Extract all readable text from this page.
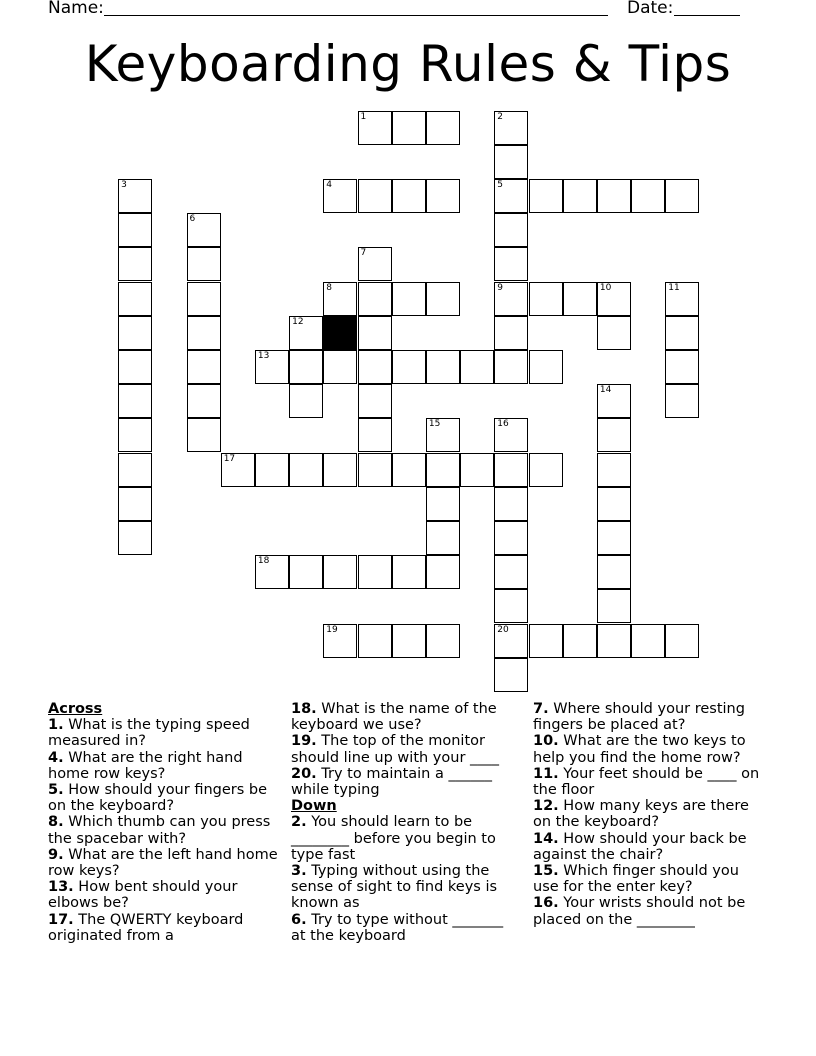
Name:	Date:
Keyboarding Rules & Tips
1	2
3	4	5
6
7
8	9	10	11
12
13
14
15	16
17
18
19	20
Across
1. What is the typing speed measured in?
4. What are the right hand home row keys?
5. How should your fingers be on the keyboard?
8. Which thumb can you press the spacebar with?
9. What are the left hand home row keys?
13. How bent should your elbows be?
17. The QWERTY keyboard originated from a
18. What is the name of the keyboard we use?
19. The top of the monitor should line up with your ____
20. Try to maintain a ______ while typing
Down
2. You should learn to be ________ before you begin to type fast
3. Typing without using the sense of sight to find keys is known as
6. Try to type without _______ at the keyboard
7. Where should your resting fingers be placed at?
10. What are the two keys to help you find the home row?
11. Your feet should be ____ on the floor
12. How many keys are there on the keyboard?
14. How should your back be against the chair?
15. Which finger should you use for the enter key?
16. Your wrists should not be placed on the ________
